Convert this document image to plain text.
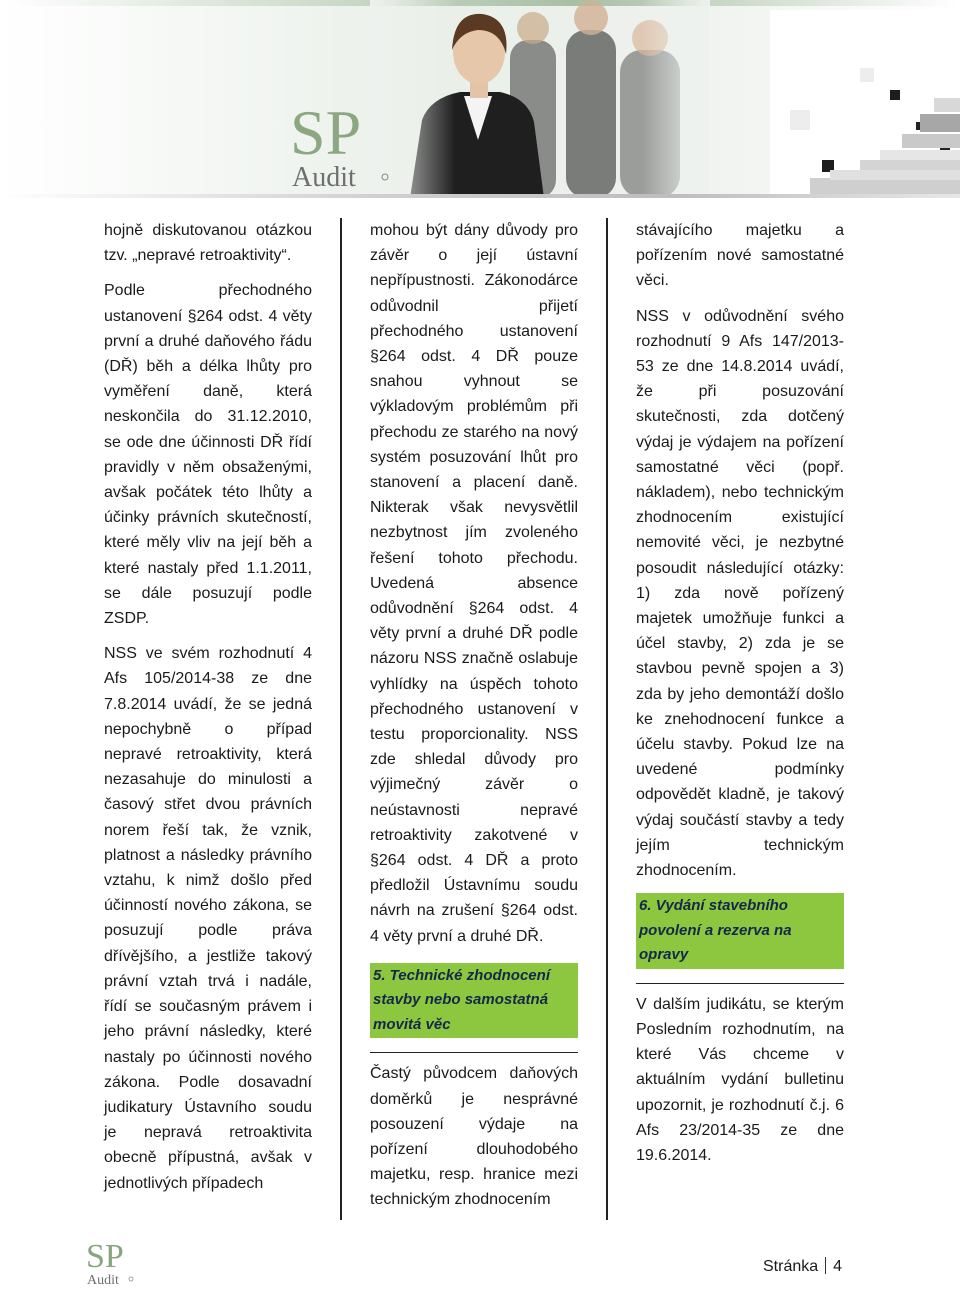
SP
Audit

hojně diskutovanou otázkou tzv. „nepravé retroaktivity“.

Podle přechodného ustanovení §264 odst. 4 věty první a druhé daňového řádu (DŘ) běh a délka lhůty pro vyměření daně, která neskončila do 31.12.2010, se ode dne účinnosti DŘ řídí pravidly v něm obsaženými, avšak počátek této lhůty a účinky právních skutečností, které měly vliv na její běh a které nastaly před 1.1.2011, se dále posuzují podle ZSDP.

NSS ve svém rozhodnutí 4 Afs 105/2014-38 ze dne 7.8.2014 uvádí, že se jedná nepochybně o případ nepravé retroaktivity, která nezasahuje do minulosti a časový střet dvou právních norem řeší tak, že vznik, platnost a následky právního vztahu, k nimž došlo před účinností nového zákona, se posuzují podle práva dřívějšího, a jestliže takový právní vztah trvá i nadále, řídí se současným právem i jeho právní následky, které nastaly po účinnosti nového zákona. Podle dosavadní judikatury Ústavního soudu je nepravá retroaktivita obecně přípustná, avšak v jednotlivých případech

mohou být dány důvody pro závěr o její ústavní nepřípustnosti. Zákonodárce odůvodnil přijetí přechodného ustanovení §264 odst. 4 DŘ pouze snahou vyhnout se výkladovým problémům při přechodu ze starého na nový systém posuzování lhůt pro stanovení a placení daně. Nikterak však nevysvětlil nezbytnost jím zvoleného řešení tohoto přechodu. Uvedená absence odůvodnění §264 odst. 4 věty první a druhé DŘ podle názoru NSS značně oslabuje vyhlídky na úspěch tohoto přechodného ustanovení v testu proporcionality. NSS zde shledal důvody pro výjimečný závěr o neústavnosti nepravé retroaktivity zakotvené v §264 odst. 4 DŘ a proto předložil Ústavnímu soudu návrh na zrušení §264 odst. 4 věty první a druhé DŘ.

5. Technické zhodnocení stavby nebo samostatná movitá věc

Častý původcem daňových doměrků je nesprávné posouzení výdaje na pořízení dlouhodobého majetku, resp. hranice mezi technickým zhodnocením

stávajícího majetku a pořízením nové samostatné věci.

NSS v odůvodnění svého rozhodnutí 9 Afs 147/2013-53 ze dne 14.8.2014 uvádí, že při posuzování skutečnosti, zda dotčený výdaj je výdajem na pořízení samostatné věci (popř. nákladem), nebo technickým zhodnocením existující nemovité věci, je nezbytné posoudit následující otázky: 1) zda nově pořízený majetek umožňuje funkci a účel stavby, 2) zda je se stavbou pevně spojen a 3) zda by jeho demontáží došlo ke znehodnocení funkce a účelu stavby. Pokud lze na uvedené podmínky odpovědět kladně, je takový výdaj součástí stavby a tedy jejím technickým zhodnocením.

6. Vydání stavebního povolení a rezerva na opravy

V dalším judikátu, se kterým Posledním rozhodnutím, na které Vás chceme v aktuálním vydání bulletinu upozornit, je rozhodnutí č.j. 6 Afs 23/2014-35 ze dne 19.6.2014.

SP
Audit
Stránka 4
